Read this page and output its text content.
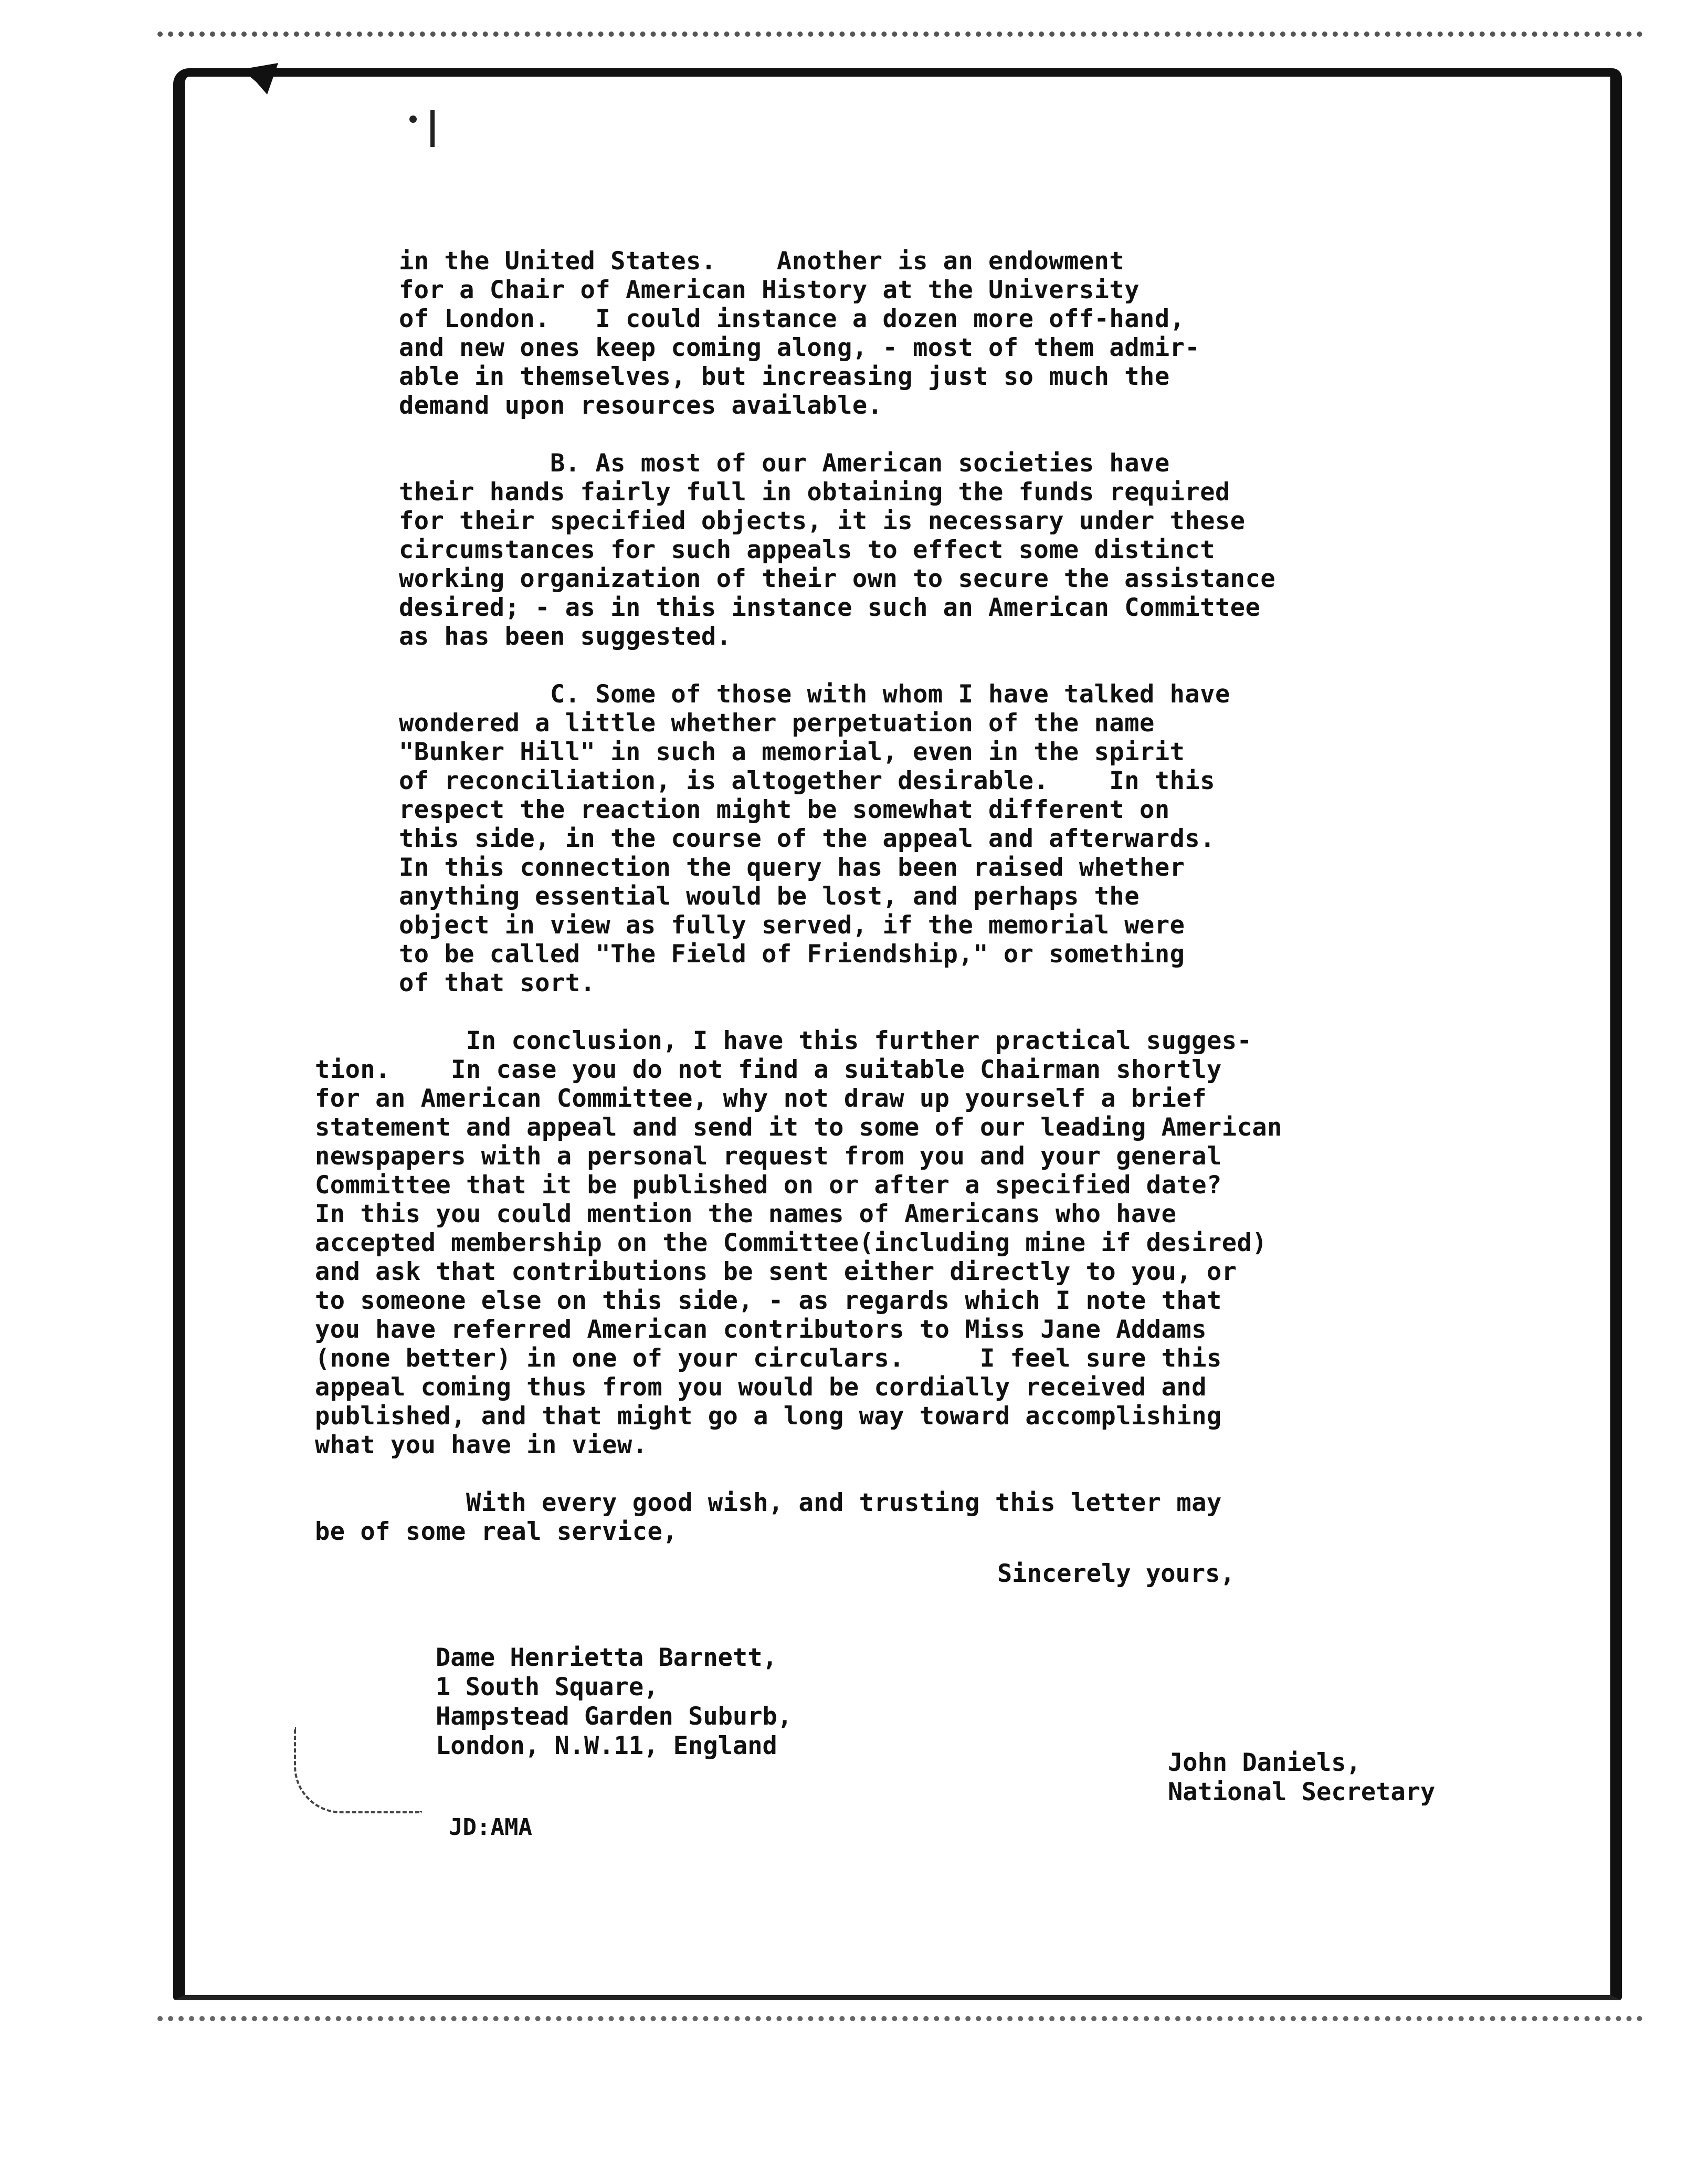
in the United States.    Another is an endowment
for a Chair of American History at the University
of London.   I could instance a dozen more off-hand,
and new ones keep coming along, - most of them admir-
able in themselves, but increasing just so much the
demand upon resources available.
B. As most of our American societies have
their hands fairly full in obtaining the funds required
for their specified objects, it is necessary under these
circumstances for such appeals to effect some distinct
working organization of their own to secure the assistance
desired; - as in this instance such an American Committee
as has been suggested.
C. Some of those with whom I have talked have
wondered a little whether perpetuation of the name
"Bunker Hill" in such a memorial, even in the spirit
of reconciliation, is altogether desirable.    In this
respect the reaction might be somewhat different on
this side, in the course of the appeal and afterwards.
In this connection the query has been raised whether
anything essential would be lost, and perhaps the
object in view as fully served, if the memorial were
to be called "The Field of Friendship," or something
of that sort.
In conclusion, I have this further practical sugges-
tion.    In case you do not find a suitable Chairman shortly
for an American Committee, why not draw up yourself a brief
statement and appeal and send it to some of our leading American
newspapers with a personal request from you and your general
Committee that it be published on or after a specified date?
In this you could mention the names of Americans who have
accepted membership on the Committee(including mine if desired)
and ask that contributions be sent either directly to you, or
to someone else on this side, - as regards which I note that
you have referred American contributors to Miss Jane Addams
(none better) in one of your circulars.     I feel sure this
appeal coming thus from you would be cordially received and
published, and that might go a long way toward accomplishing
what you have in view.
With every good wish, and trusting this letter may
be of some real service,
Sincerely yours,
Dame Henrietta Barnett,
1 South Square,
Hampstead Garden Suburb,
London, N.W.11, England
John Daniels,
National Secretary
JD:AMA
